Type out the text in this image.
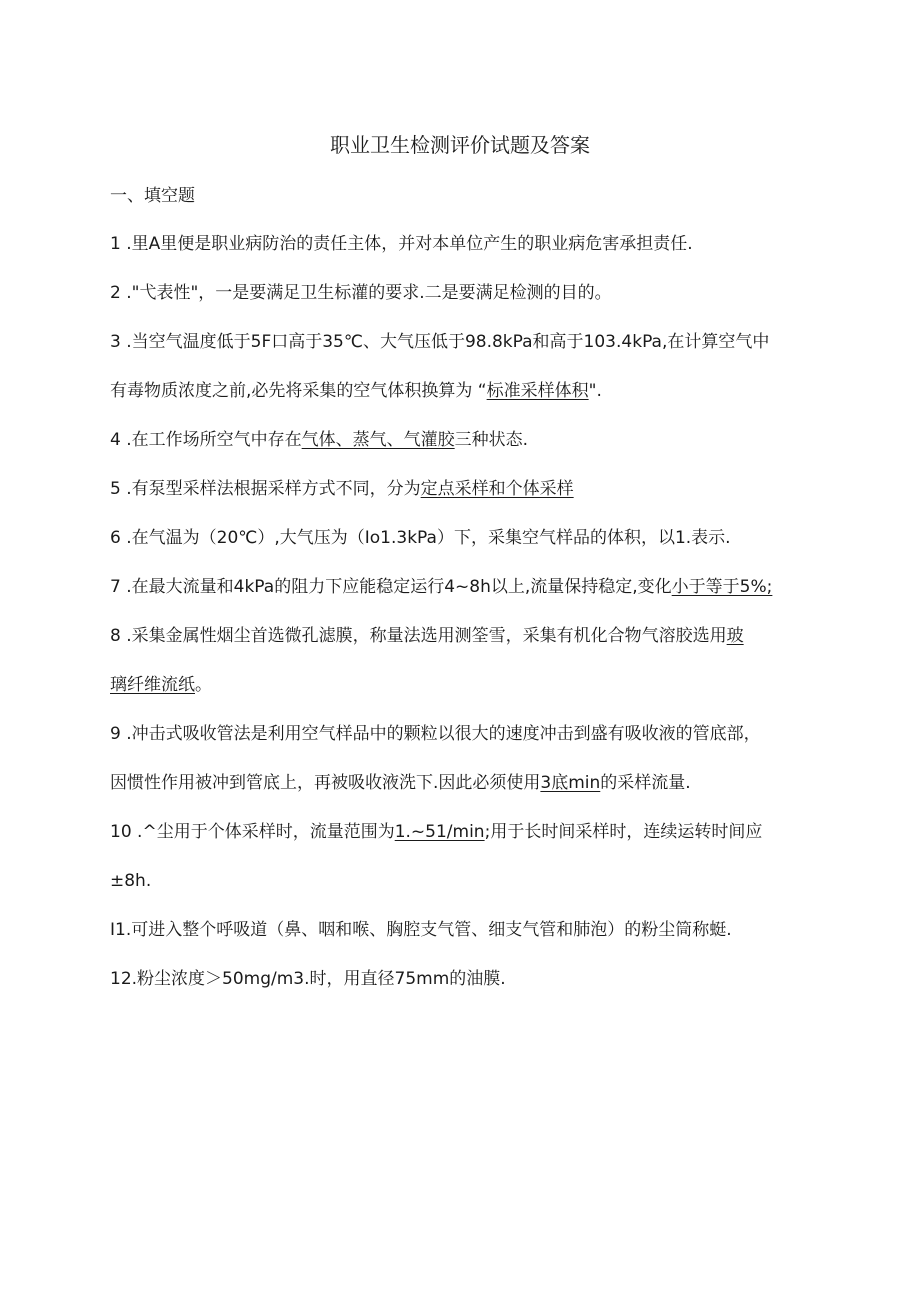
职业卫生检测评价试题及答案
一、填空题
1 .里A里便是职业病防治的责任主体，并对本单位产生的职业病危害承担责任.
2 ."弋表性"，一是要满足卫生标灌的要求.二是要满足检测的目的。
3 .当空气温度低于5F口高于35℃、大气压低于98.8kPa和高于103.4kPa,在计算空气中
有毒物质浓度之前,必先将采集的空气体积换算为 “标准采样体积".
4 .在工作场所空气中存在气体、蒸气、气灌胶三种状态.
5 .有泵型采样法根据采样方式不同，分为定点采样和个体采样
6 .在气温为（20℃）,大气压为（Io1.3kPa）下，采集空气样品的体积，以1.表示.
7 .在最大流量和4kPa的阻力下应能稳定运行4~8h以上,流量保持稳定,变化小于等于5%;
8 .采集金属性烟尘首选微孔滤膜，称量法选用测筌雪，采集有机化合物气溶胶选用玻
璃纤维流纸。
9 .冲击式吸收管法是利用空气样品中的颗粒以很大的速度冲击到盛有吸收液的管底部，
因惯性作用被冲到管底上，再被吸收液洗下.因此必须使用3底min的采样流量.
10 .^尘用于个体采样时，流量范围为1.~51/min;用于长时间采样时，连续运转时间应
±8h.
I1.可进入整个呼吸道（鼻、咽和喉、胸腔支气管、细支气管和肺泡）的粉尘筒称蜓.
12.粉尘浓度＞50mg/m3.时，用直径75mm的油膜.
